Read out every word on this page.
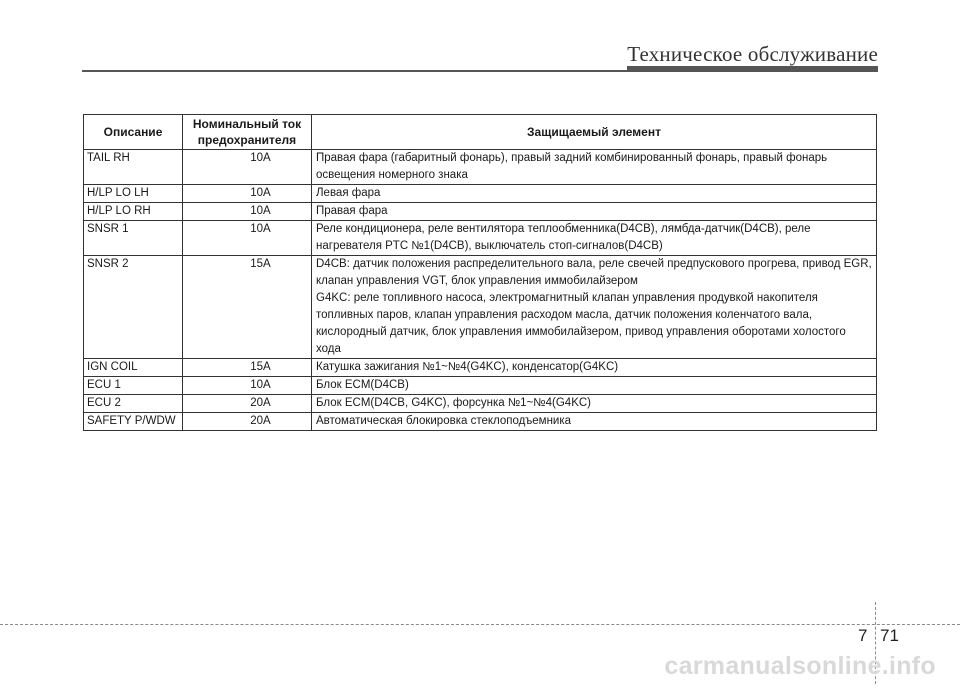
Техническое обслуживание
Описание	Номинальный ток предохранителя	Защищаемый элемент
TAIL RH	10A	Правая фара (габаритный фонарь), правый задний комбинированный фонарь, правый фонарь освещения номерного знака
H/LP LO LH	10A	Левая фара
H/LP LO RH	10A	Правая фара
SNSR 1	10A	Реле кондиционера, реле вентилятора теплообменника(D4CB), лямбда-датчик(D4CB), реле нагревателя PTC №1(D4CB), выключатель стоп-сигналов(D4CB)
SNSR 2	15A	D4CB: датчик положения распределительного вала, реле свечей предпускового прогрева, привод EGR, клапан управления VGT, блок управления иммобилайзером
G4KC: реле топливного насоса, электромагнитный клапан управления продувкой накопителя топливных паров, клапан управления расходом масла, датчик положения коленчатого вала, кислородный датчик, блок управления иммобилайзером, привод управления оборотами холостого хода
IGN COIL	15A	Катушка зажигания №1~№4(G4KC), конденсатор(G4KC)
ECU 1	10A	Блок ECM(D4CB)
ECU 2	20A	Блок ECM(D4CB, G4KC), форсунка №1~№4(G4KC)
SAFETY P/WDW	20A	Автоматическая блокировка стеклоподъемника
7 71
carmanualsonline.info
